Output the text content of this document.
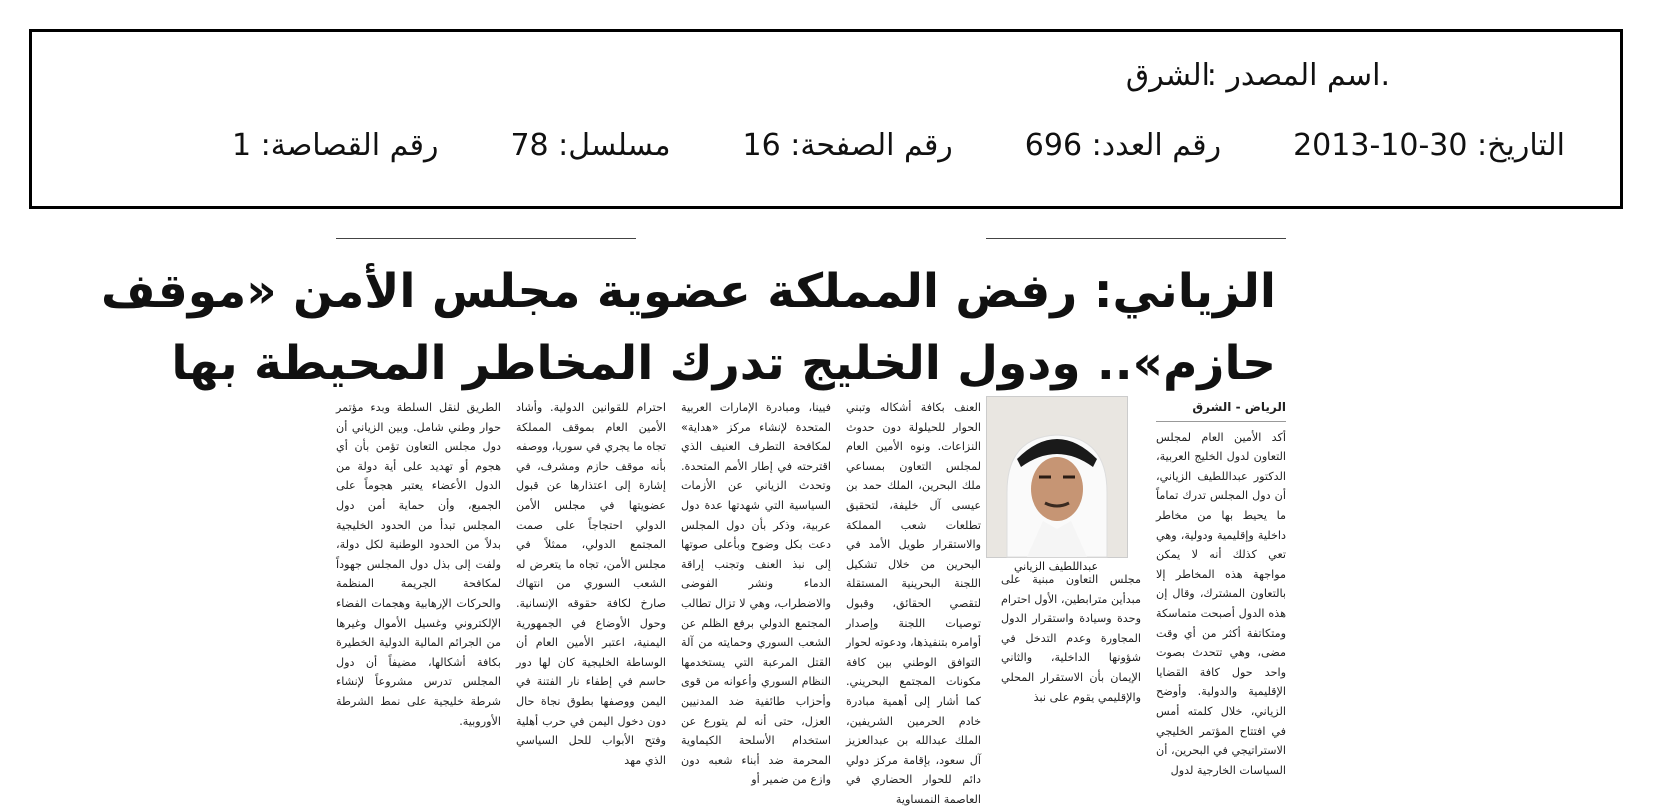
.اسم المصدر :
الشرق
التاريخ: 30-10-2013
رقم العدد: 696
رقم الصفحة: 16
مسلسل: 78
رقم القصاصة: 1
الزياني: رفض المملكة عضوية مجلس الأمن «موقف
حازم».. ودول الخليج تدرك المخاطر المحيطة بها
الرياض - الشرق
أكد الأمين العام لمجلس التعاون لدول الخليج العربية، الدكتور عبداللطيف الزياني، أن دول المجلس تدرك تماماً ما يحيط بها من مخاطر داخلية وإقليمية ودولية، وهي تعي كذلك أنه لا يمكن مواجهة هذه المخاطر إلا بالتعاون المشترك، وقال إن هذه الدول أصبحت متماسكة ومتكاتفة أكثر من أي وقت مضى، وهي تتحدث بصوت واحد حول كافة القضايا الإقليمية والدولية. وأوضح الزياني، خلال كلمته أمس في افتتاح المؤتمر الخليجي الاستراتيجي في البحرين، أن السياسات الخارجية لدول
مجلس التعاون مبنية على مبدأين مترابطين، الأول احترام وحدة وسيادة واستقرار الدول المجاورة وعدم التدخل في شؤونها الداخلية، والثاني الإيمان بأن الاستقرار المحلي والإقليمي يقوم على نبذ
عبداللطيف الزياني
العنف بكافة أشكاله وتبني الحوار للحيلولة دون حدوث النزاعات. ونوه الأمين العام لمجلس التعاون بمساعي ملك البحرين، الملك حمد بن عيسى آل خليفة، لتحقيق تطلعات شعب المملكة والاستقرار طويل الأمد في البحرين من خلال تشكيل اللجنة البحرينية المستقلة لتقصي الحقائق، وقبول توصيات اللجنة وإصدار أوامره بتنفيذها، ودعوته لحوار التوافق الوطني بين كافة مكونات المجتمع البحريني. كما أشار إلى أهمية مبادرة خادم الحرمين الشريفين، الملك عبدالله بن عبدالعزيز آل سعود، بإقامة مركز دولي دائم للحوار الحضاري في العاصمة النمساوية
فيينا، ومبادرة الإمارات العربية المتحدة لإنشاء مركز «هداية» لمكافحة التطرف العنيف الذي اقترحته في إطار الأمم المتحدة. وتحدث الزياني عن الأزمات السياسية التي شهدتها عدة دول عربية، وذكر بأن دول المجلس دعت بكل وضوح وبأعلى صوتها إلى نبذ العنف وتجنب إراقة الدماء ونشر الفوضى والاضطراب، وهي لا تزال تطالب المجتمع الدولي برفع الظلم عن الشعب السوري وحمايته من آلة القتل المرعبة التي يستخدمها النظام السوري وأعوانه من قوى وأحزاب طائفية ضد المدنيين العزل، حتى أنه لم يتورع عن استخدام الأسلحة الكيماوية المحرمة ضد أبناء شعبه دون وازع من ضمير أو
احترام للقوانين الدولية. وأشاد الأمين العام بموقف المملكة تجاه ما يجري في سوريا، ووصفه بأنه موقف حازم ومشرف، في إشارة إلى اعتذارها عن قبول عضويتها في مجلس الأمن الدولي احتجاجاً على صمت المجتمع الدولي، ممثلاً في مجلس الأمن، تجاه ما يتعرض له الشعب السوري من انتهاك صارخ لكافة حقوقه الإنسانية. وحول الأوضاع في الجمهورية اليمنية، اعتبر الأمين العام أن الوساطة الخليجية كان لها دور حاسم في إطفاء نار الفتنة في اليمن ووصفها بطوق نجاة حال دون دخول اليمن في حرب أهلية وفتح الأبواب للحل السياسي الذي مهد
الطريق لنقل السلطة وبدء مؤتمر حوار وطني شامل. وبين الزياني أن دول مجلس التعاون تؤمن بأن أي هجوم أو تهديد على أية دولة من الدول الأعضاء يعتبر هجوماً على الجميع، وأن حماية أمن دول المجلس تبدأ من الحدود الخليجية بدلاً من الحدود الوطنية لكل دولة، ولفت إلى بذل دول المجلس جهوداً لمكافحة الجريمة المنظمة والحركات الإرهابية وهجمات الفضاء الإلكتروني وغسيل الأموال وغيرها من الجرائم المالية الدولية الخطيرة بكافة أشكالها، مضيفاً أن دول المجلس تدرس مشروعاً لإنشاء شرطة خليجية على نمط الشرطة الأوروبية.
